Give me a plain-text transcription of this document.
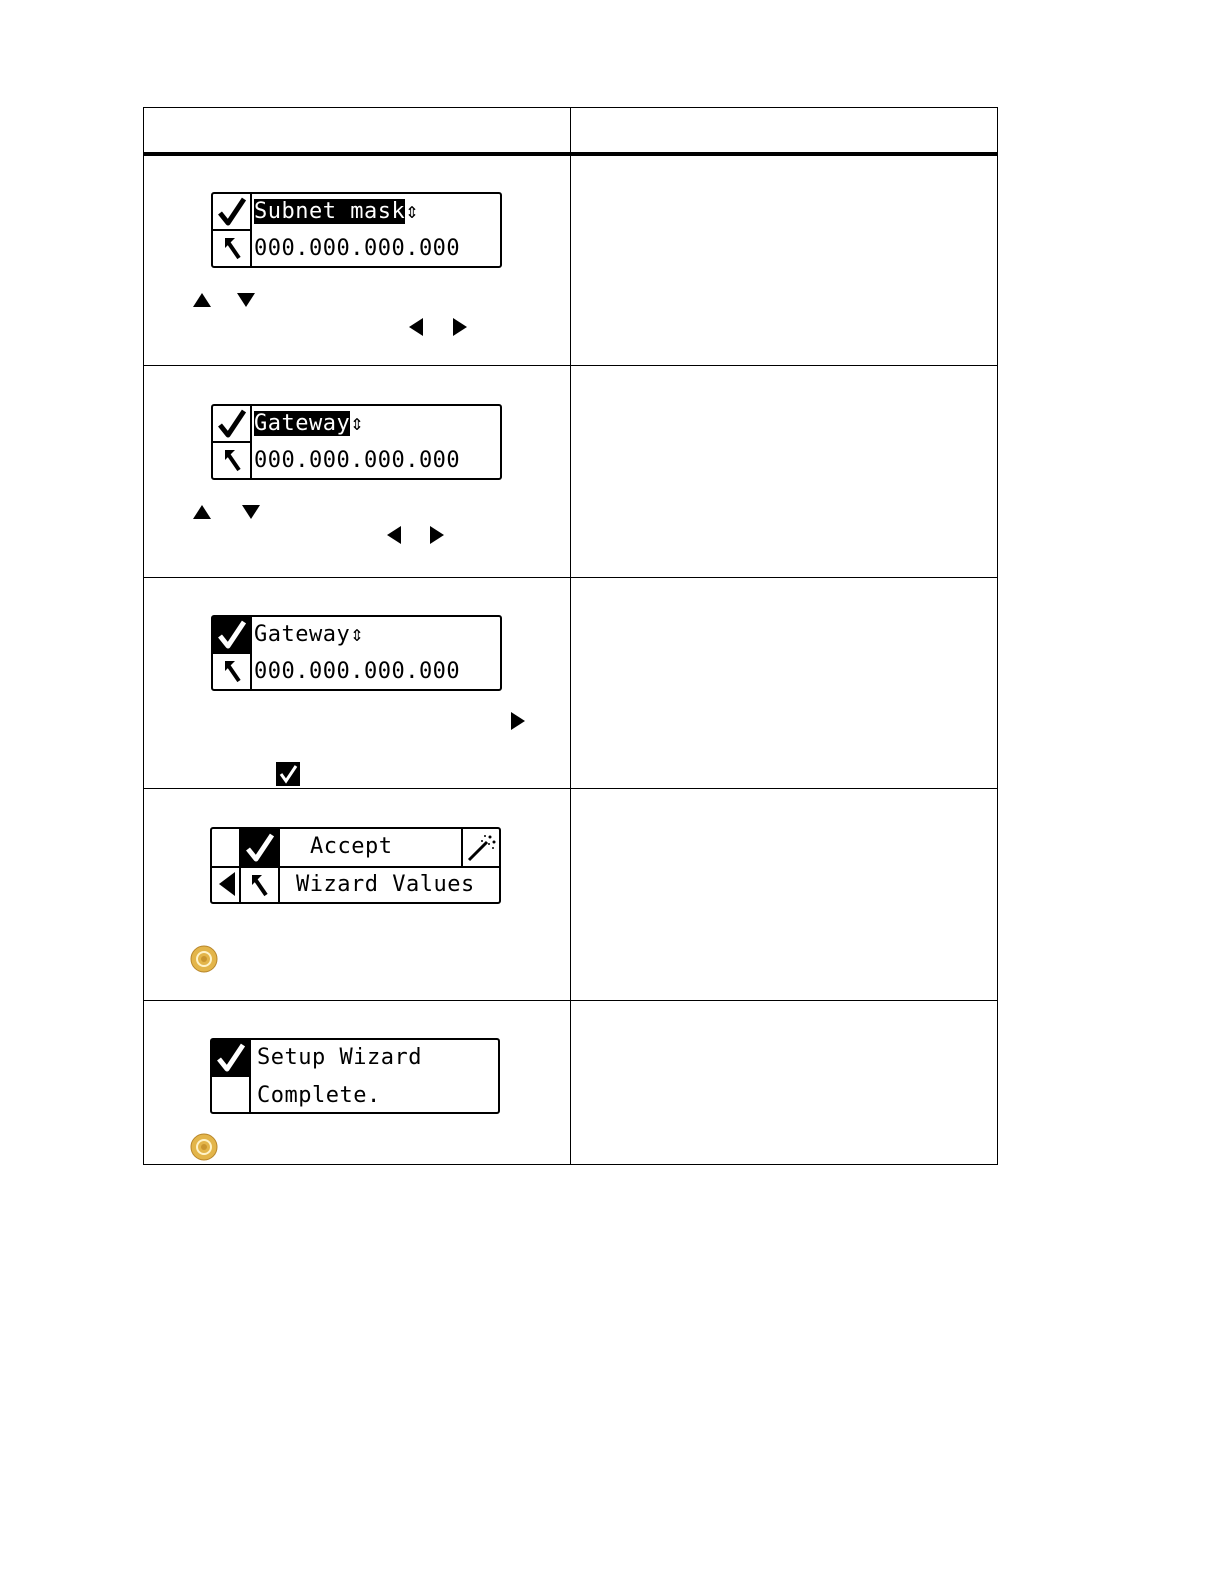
Subnet mask⇕
000.000.000.000
Gateway⇕
000.000.000.000
Gateway⇕
000.000.000.000
Accept
Wizard Values
Setup Wizard
Complete.
